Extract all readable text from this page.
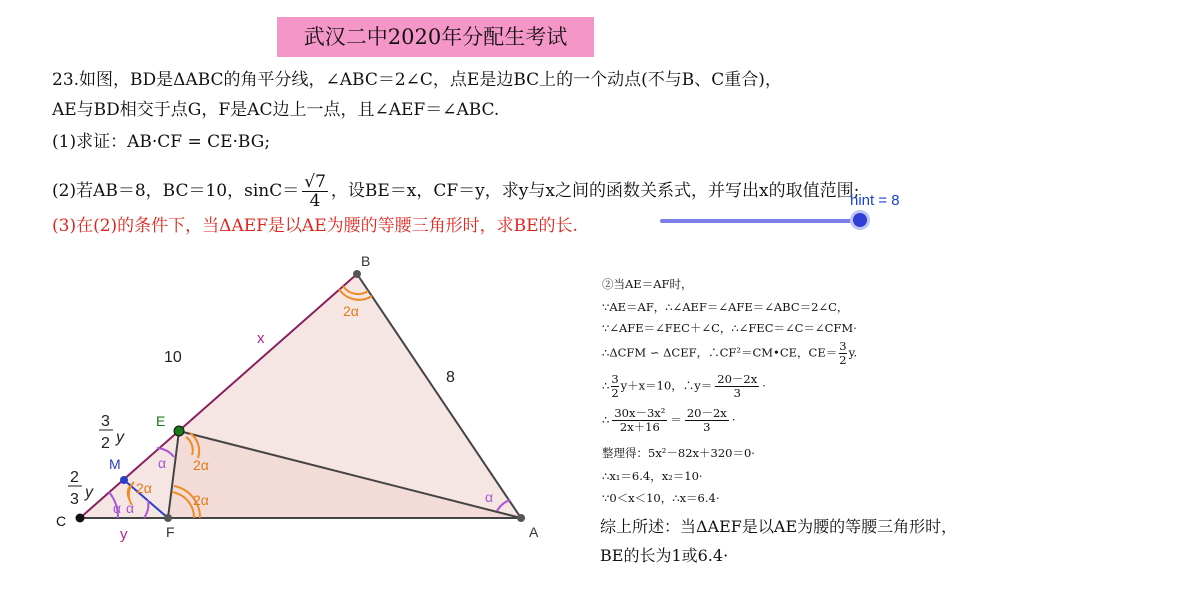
武汉二中2020年分配生考试
23.如图，BD是ΔABC的角平分线，∠ABC＝2∠C，点E是边BC上的一个动点(不与B、C重合)，
AE与BD相交于点G，F是AC边上一点，且∠AEF＝∠ABC.
(1)求证：AB·CF = CE·BG;
(2)若AB＝8，BC＝10，$\sin C= \frac{√7}{4}$ ，设BE＝x，CF＝y，求y与x之间的函数关系式，并写出x的取值范围;
(3)在(2)的条件下，当ΔAEF是以AE为腰的等腰三角形时，求BE的长.
hint = 8
B
A
C
F
E
M
x
10
8
y
3
2 y
2
3 y
2α
2α
2α
2α
α
α α
α
②当AE＝AF时，
∵AE＝AF，∴∠AEF＝∠AFE＝∠ABC＝2∠C，
∵∠AFE＝∠FEC＋∠C，∴∠FEC＝∠C＝∠CFM·
∴ΔCFM ∽ ΔCEF，∴CF²＝CM•CE，$CE= \frac{3}{2} y$.
∴ $\frac{3}{2} y+x=10$，∴y＝ $\frac{20-2x}{3}$ ·
∴ $\frac{\text{30x－3x²}}{2x+16} = \frac{20-2x}{3}$ ·
整理得：5x²－82x＋320＝0·
∴x₁＝6.4，x₂＝10·
∵0＜x＜10，∴x＝6.4·
综上所述：当ΔAEF是以AE为腰的等腰三角形时，
BE的长为1或6.4·
